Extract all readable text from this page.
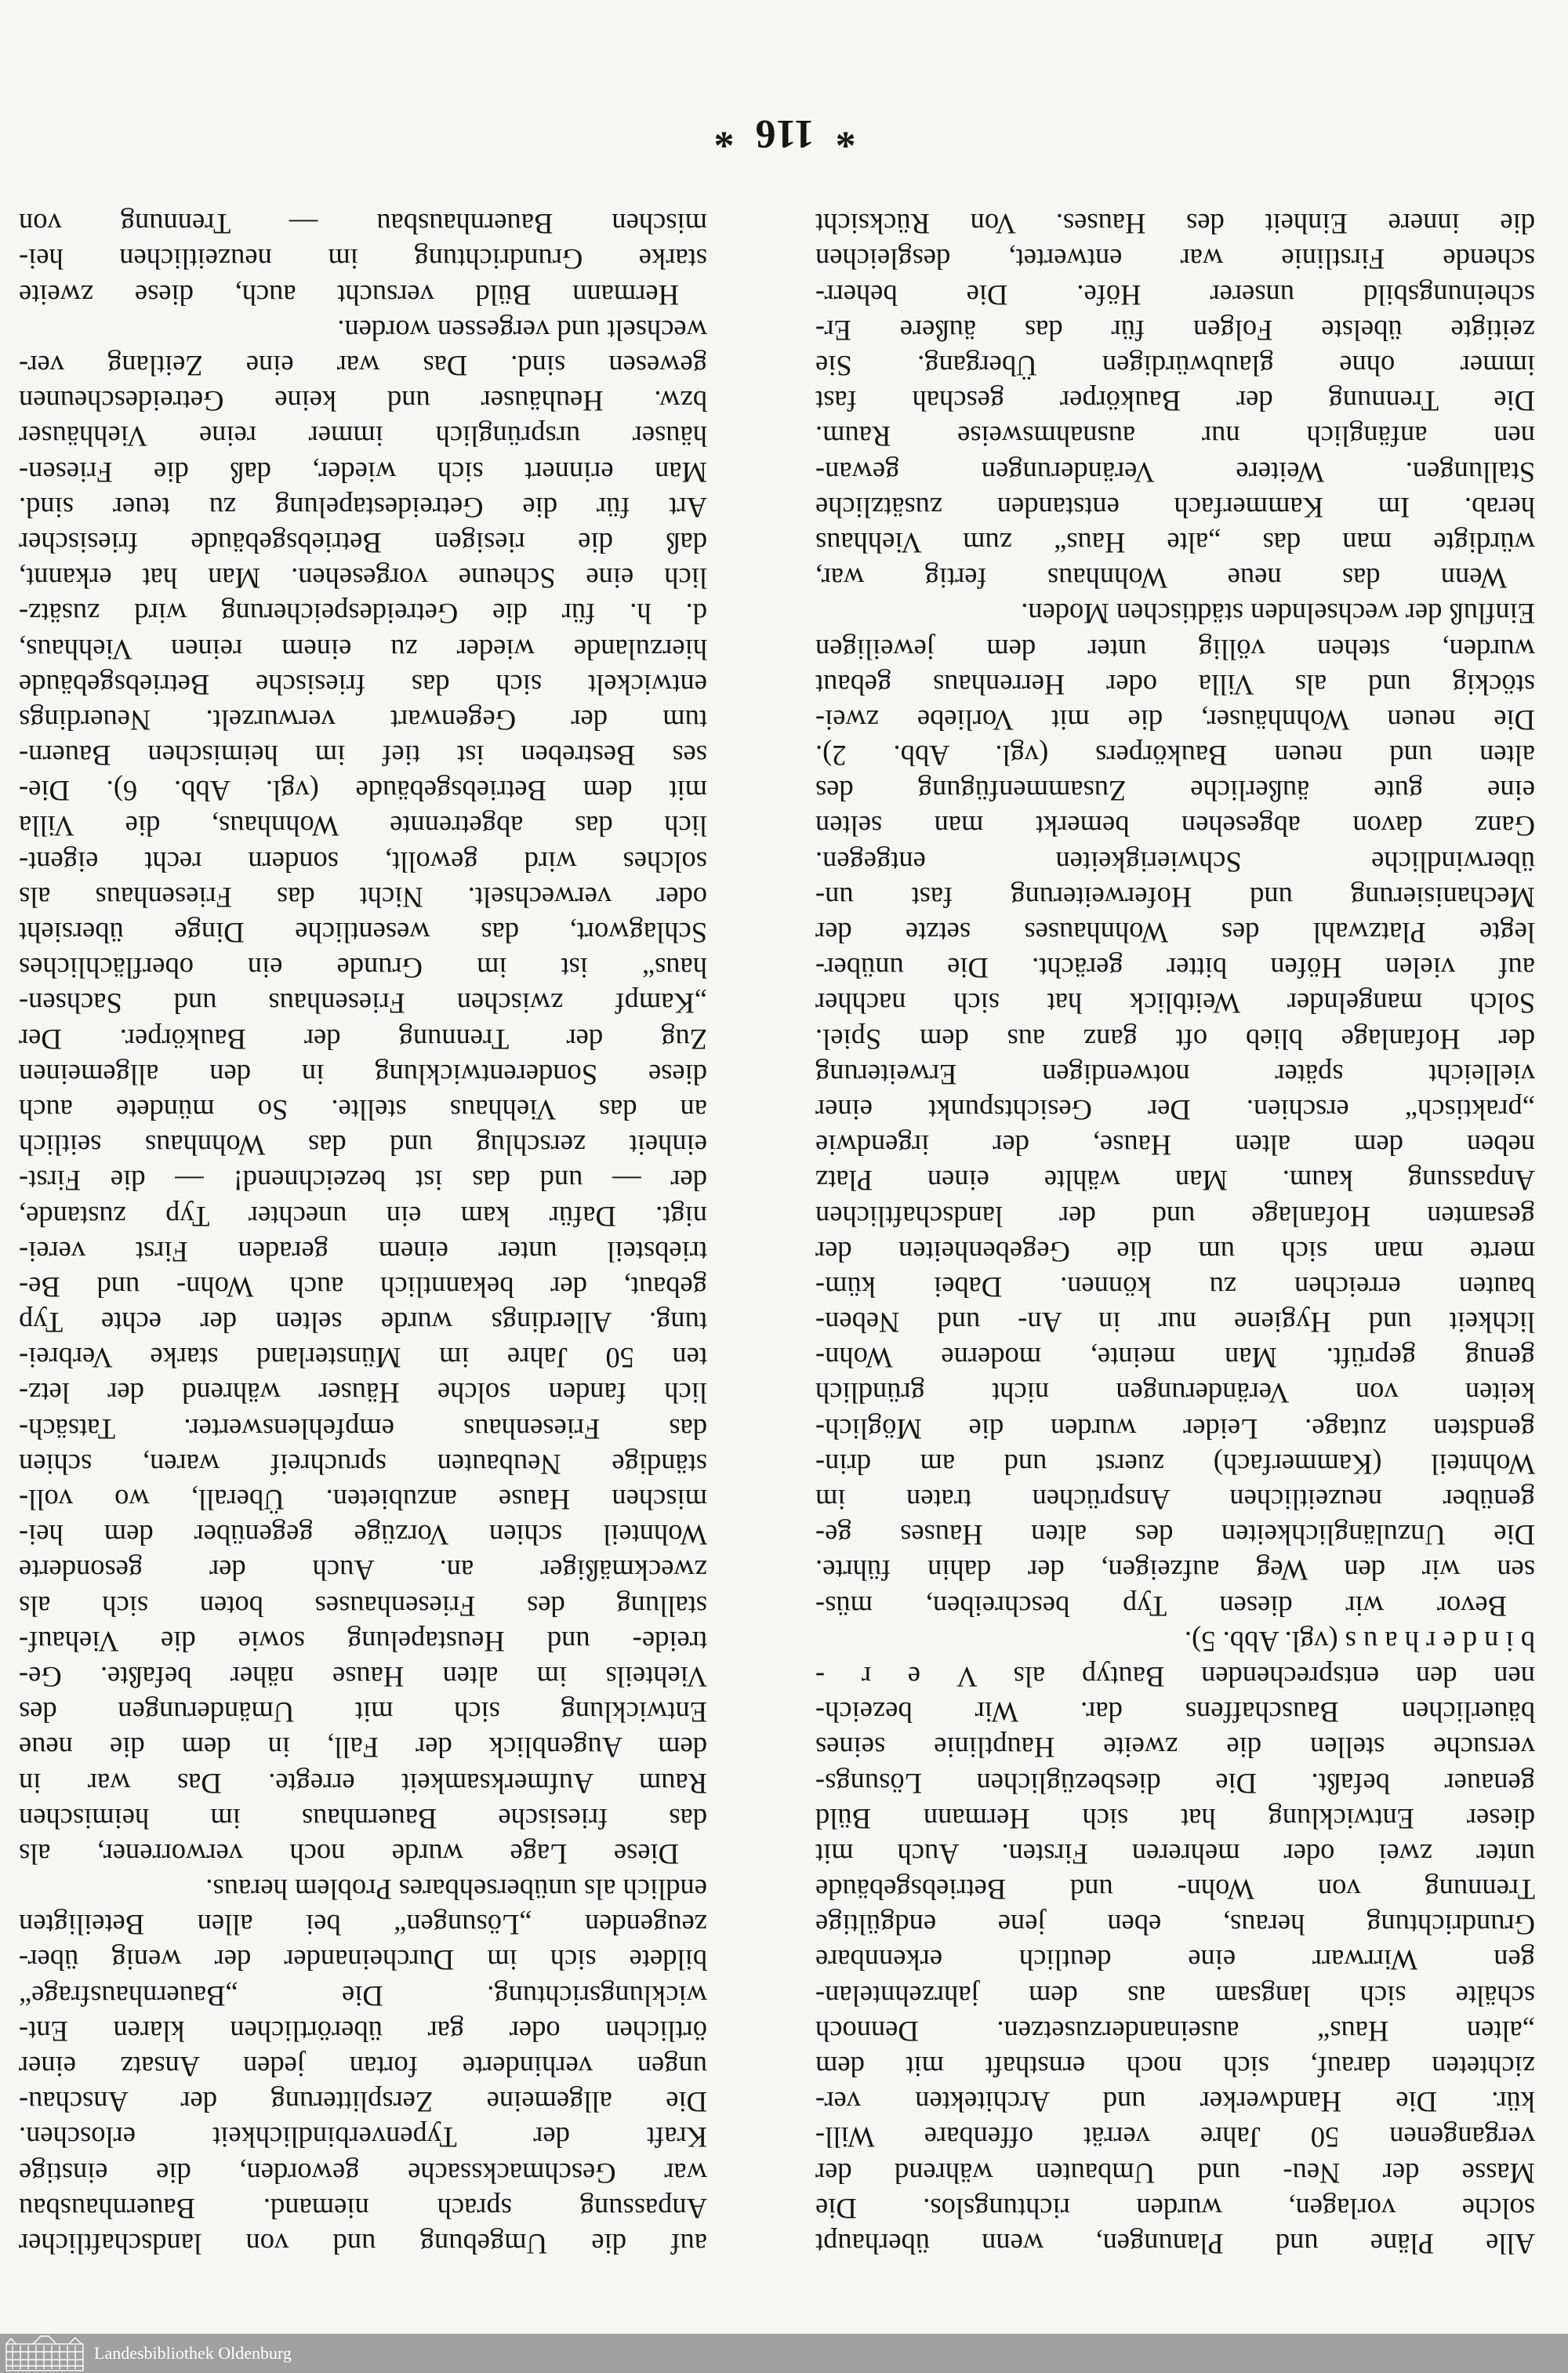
Alle Pläne und Planungen, wenn überhaupt
solche vorlagen, wurden richtungslos. Die
Masse der Neu- und Umbauten während der
vergangenen 50 Jahre verrät offenbare Will-
kür. Die Handwerker und Architekten ver-
zichteten darauf, sich noch ernsthaft mit dem
„alten Haus“ auseinanderzusetzen. Dennoch
schälte sich langsam aus dem jahrzehntelan-
gen Wirrwarr eine deutlich erkennbare
Grundrichtung heraus, eben jene endgültige
Trennung von Wohn- und Betriebsgebäude
unter zwei oder mehreren Firsten. Auch mit
dieser Entwicklung hat sich Hermann Büld
genauer befaßt. Die diesbezüglichen Lösungs-
versuche stellen die zweite Hauptlinie seines
bäuerlichen Bauschaffens dar. Wir bezeich-
nen den entsprechenden Bautyp als V e r -
b i n d e r h a u s (vgl. Abb. 5).
Bevor wir diesen Typ beschreiben, müs-
sen wir den Weg aufzeigen, der dahin führte.
Die Unzulänglichkeiten des alten Hauses ge-
genüber neuzeitlichen Ansprüchen traten im
Wohnteil (Kammerfach) zuerst und am drin-
gendsten zutage. Leider wurden die Möglich-
keiten von Veränderungen nicht gründlich
genug geprüft. Man meinte, moderne Wohn-
lichkeit und Hygiene nur in An- und Neben-
bauten erreichen zu können. Dabei küm-
merte man sich um die Gegebenheiten der
gesamten Hofanlage und der landschaftlichen
Anpassung kaum. Man wählte einen Platz
neben dem alten Hause, der irgendwie
„praktisch“ erschien. Der Gesichtspunkt einer
vielleicht später notwendigen Erweiterung
der Hofanlage blieb oft ganz aus dem Spiel.
Solch mangelnder Weitblick hat sich nachher
auf vielen Höfen bitter gerächt. Die unüber-
legte Platzwahl des Wohnhauses setzte der
Mechanisierung und Hoferweiterung fast un-
überwindliche Schwierigkeiten entgegen.
Ganz davon abgesehen bemerkt man selten
eine gute äußerliche Zusammenfügung des
alten und neuen Baukörpers (vgl. Abb. 2).
Die neuen Wohnhäuser, die mit Vorliebe zwei-
stöckig und als Villa oder Herrenhaus gebaut
wurden, stehen völlig unter dem jeweiligen
Einfluß der wechselnden städtischen Moden.
Wenn das neue Wohnhaus fertig war,
würdigte man das „alte Haus“ zum Viehhaus
herab. Im Kammerfach entstanden zusätzliche
Stallungen. Weitere Veränderungen gewan-
nen anfänglich nur ausnahmsweise Raum.
Die Trennung der Baukörper geschah fast
immer ohne glaubwürdigen Übergang. Sie
zeitigte übelste Folgen für das äußere Er-
scheinungsbild unserer Höfe. Die beherr-
schende Firstlinie war entwertet, desgleichen
die innere Einheit des Hauses. Von Rücksicht
auf die Umgebung und von landschaftlicher
Anpassung sprach niemand. Bauernhausbau
war Geschmackssache geworden, die einstige
Kraft der Typenverbindlichkeit erloschen.
Die allgemeine Zersplitterung der Anschau-
ungen verhinderte fortan jeden Ansatz einer
örtlichen oder gar überörtlichen klaren Ent-
wicklungsrichtung. Die „Bauernhausfrage“
bildete sich im Durcheinander der wenig über-
zeugenden „Lösungen“ bei allen Beteiligten
endlich als unübersehbares Problem heraus.
Diese Lage wurde noch verworrener, als
das friesische Bauernhaus im heimischen
Raum Aufmerksamkeit erregte. Das war in
dem Augenblick der Fall, in dem die neue
Entwicklung sich mit Umänderungen des
Viehteils im alten Hause näher befaßte. Ge-
treide- und Heustapelung sowie die Viehauf-
stallung des Friesenhauses boten sich als
zweckmäßiger an. Auch der gesonderte
Wohnteil schien Vorzüge gegenüber dem hei-
mischen Hause anzubieten. Überall, wo voll-
ständige Neubauten spruchreif waren, schien
das Friesenhaus empfehlenswerter. Tatsäch-
lich fanden solche Häuser während der letz-
ten 50 Jahre im Münsterland starke Verbrei-
tung. Allerdings wurde selten der echte Typ
gebaut, der bekanntlich auch Wohn- und Be-
triebsteil unter einem geraden First verei-
nigt. Dafür kam ein unechter Typ zustande,
der — und das ist bezeichnend! — die First-
einheit zerschlug und das Wohnhaus seitlich
an das Viehhaus stellte. So mündete auch
diese Sonderentwicklung in den allgemeinen
Zug der Trennung der Baukörper. Der
„Kampf zwischen Friesenhaus und Sachsen-
haus“ ist im Grunde ein oberflächliches
Schlagwort, das wesentliche Dinge übersieht
oder verwechselt. Nicht das Friesenhaus als
solches wird gewollt, sondern recht eigent-
lich das abgetrennte Wohnhaus, die Villa
mit dem Betriebsgebäude (vgl. Abb. 6). Die-
ses Bestreben ist tief im heimischen Bauern-
tum der Gegenwart verwurzelt. Neuerdings
entwickelt sich das friesische Betriebsgebäude
hierzulande wieder zu einem reinen Viehhaus,
d. h. für die Getreidespeicherung wird zusätz-
lich eine Scheune vorgesehen. Man hat erkannt,
daß die riesigen Betriebsgebäude friesischer
Art für die Getreidestapelung zu teuer sind.
Man erinnert sich wieder, daß die Friesen-
häuser ursprünglich immer reine Viehhäuser
bzw. Heuhäuser und keine Getreidescheunen
gewesen sind. Das war eine Zeitlang ver-
wechselt und vergessen worden.
Hermann Büld versucht auch, diese zweite
starke Grundrichtung im neuzeitlichen hei-
mischen Bauernhausbau — Trennung von
* 116 *
Landesbibliothek Oldenburg
